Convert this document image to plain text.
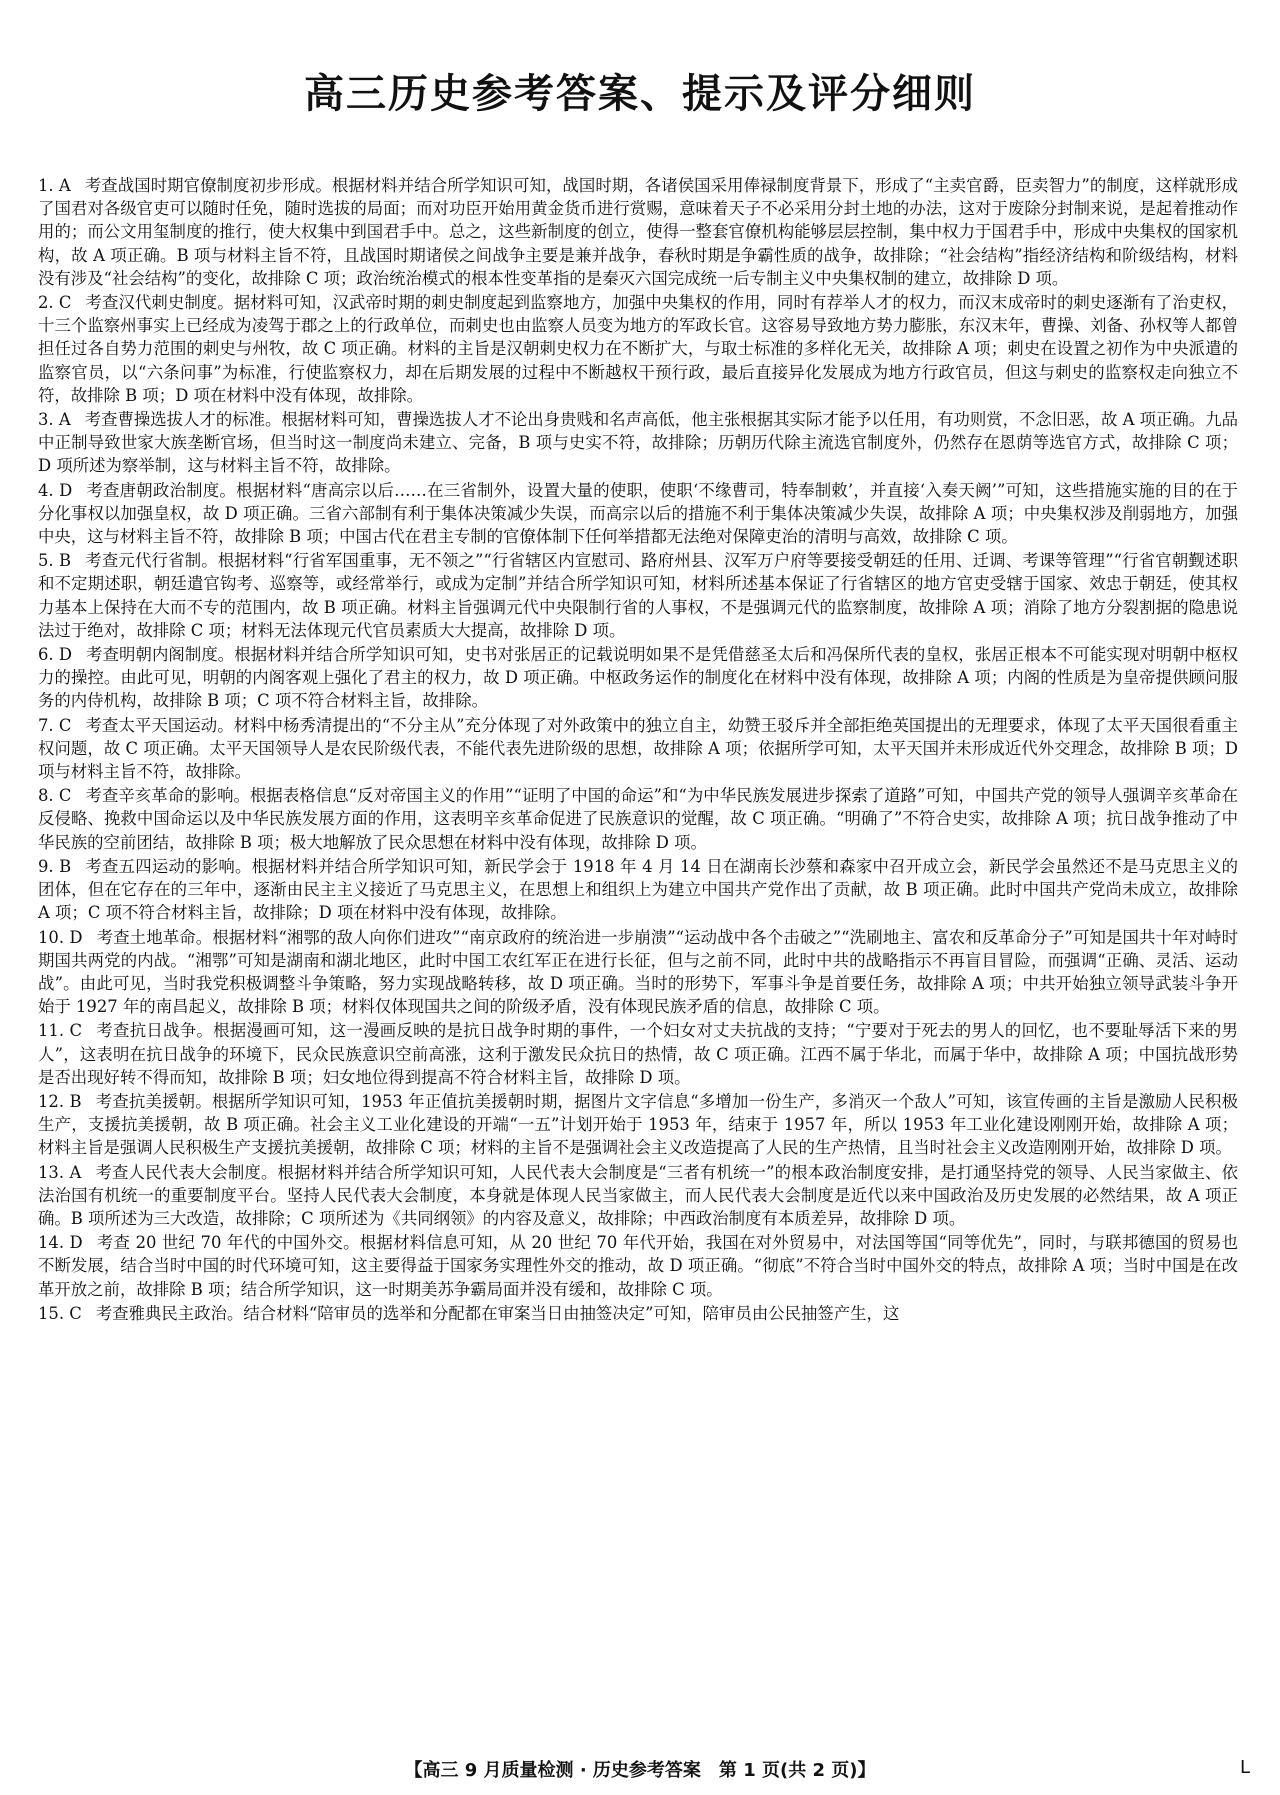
高三历史参考答案、提示及评分细则

1. A 考查战国时期官僚制度初步形成。根据材料并结合所学知识可知，战国时期，各诸侯国采用俸禄制度背景下，形成了“主卖官爵，臣卖智力”的制度，这样就形成了国君对各级官吏可以随时任免，随时选拔的局面；而对功臣开始用黄金货币进行赏赐，意味着天子不必采用分封土地的办法，这对于废除分封制来说，是起着推动作用的；而公文用玺制度的推行，使大权集中到国君手中。总之，这些新制度的创立，使得一整套官僚机构能够层层控制，集中权力于国君手中，形成中央集权的国家机构，故 A 项正确。B 项与材料主旨不符，且战国时期诸侯之间战争主要是兼并战争，春秋时期是争霸性质的战争，故排除；“社会结构”指经济结构和阶级结构，材料没有涉及“社会结构”的变化，故排除 C 项；政治统治模式的根本性变革指的是秦灭六国完成统一后专制主义中央集权制的建立，故排除 D 项。

2. C 考查汉代刺史制度。据材料可知，汉武帝时期的刺史制度起到监察地方，加强中央集权的作用，同时有荐举人才的权力，而汉末成帝时的刺史逐渐有了治吏权，十三个监察州事实上已经成为凌驾于郡之上的行政单位，而刺史也由监察人员变为地方的军政长官。这容易导致地方势力膨胀，东汉末年，曹操、刘备、孙权等人都曾担任过各自势力范围的刺史与州牧，故 C 项正确。材料的主旨是汉朝刺史权力在不断扩大，与取士标准的多样化无关，故排除 A 项；刺史在设置之初作为中央派遣的监察官员，以“六条问事”为标准，行使监察权力，却在后期发展的过程中不断越权干预行政，最后直接异化发展成为地方行政官员，但这与刺史的监察权走向独立不符，故排除 B 项；D 项在材料中没有体现，故排除。

3. A 考查曹操选拔人才的标准。根据材料可知，曹操选拔人才不论出身贵贱和名声高低，他主张根据其实际才能予以任用，有功则赏，不念旧恶，故 A 项正确。九品中正制导致世家大族垄断官场，但当时这一制度尚未建立、完备，B 项与史实不符，故排除；历朝历代除主流选官制度外，仍然存在恩荫等选官方式，故排除 C 项；D 项所述为察举制，这与材料主旨不符，故排除。

4. D 考查唐朝政治制度。根据材料“唐高宗以后……在三省制外，设置大量的使职，使职‘不缘曹司，特奉制敕’，并直接‘入奏天阙’”可知，这些措施实施的目的在于分化事权以加强皇权，故 D 项正确。三省六部制有利于集体决策减少失误，而高宗以后的措施不利于集体决策减少失误，故排除 A 项；中央集权涉及削弱地方，加强中央，这与材料主旨不符，故排除 B 项；中国古代在君主专制的官僚体制下任何举措都无法绝对保障吏治的清明与高效，故排除 C 项。

5. B 考查元代行省制。根据材料“行省军国重事，无不领之”“行省辖区内宣慰司、路府州县、汉军万户府等要接受朝廷的任用、迁调、考课等管理”“行省官朝觐述职和不定期述职，朝廷遣官钩考、巡察等，或经常举行，或成为定制”并结合所学知识可知，材料所述基本保证了行省辖区的地方官吏受辖于国家、效忠于朝廷，使其权力基本上保持在大而不专的范围内，故 B 项正确。材料主旨强调元代中央限制行省的人事权，不是强调元代的监察制度，故排除 A 项；消除了地方分裂割据的隐患说法过于绝对，故排除 C 项；材料无法体现元代官员素质大大提高，故排除 D 项。

6. D 考查明朝内阁制度。根据材料并结合所学知识可知，史书对张居正的记载说明如果不是凭借慈圣太后和冯保所代表的皇权，张居正根本不可能实现对明朝中枢权力的操控。由此可见，明朝的内阁客观上强化了君主的权力，故 D 项正确。中枢政务运作的制度化在材料中没有体现，故排除 A 项；内阁的性质是为皇帝提供顾问服务的内侍机构，故排除 B 项；C 项不符合材料主旨，故排除。

7. C 考查太平天国运动。材料中杨秀清提出的“不分主从”充分体现了对外政策中的独立自主，幼赞王驳斥并全部拒绝英国提出的无理要求，体现了太平天国很看重主权问题，故 C 项正确。太平天国领导人是农民阶级代表，不能代表先进阶级的思想，故排除 A 项；依据所学可知，太平天国并未形成近代外交理念，故排除 B 项；D 项与材料主旨不符，故排除。

8. C 考查辛亥革命的影响。根据表格信息“反对帝国主义的作用”“证明了中国的命运”和“为中华民族发展进步探索了道路”可知，中国共产党的领导人强调辛亥革命在反侵略、挽救中国命运以及中华民族发展方面的作用，这表明辛亥革命促进了民族意识的觉醒，故 C 项正确。“明确了”不符合史实，故排除 A 项；抗日战争推动了中华民族的空前团结，故排除 B 项；极大地解放了民众思想在材料中没有体现，故排除 D 项。

9. B 考查五四运动的影响。根据材料并结合所学知识可知，新民学会于 1918 年 4 月 14 日在湖南长沙蔡和森家中召开成立会，新民学会虽然还不是马克思主义的团体，但在它存在的三年中，逐渐由民主主义接近了马克思主义，在思想上和组织上为建立中国共产党作出了贡献，故 B 项正确。此时中国共产党尚未成立，故排除 A 项；C 项不符合材料主旨，故排除；D 项在材料中没有体现，故排除。

10. D 考查土地革命。根据材料“湘鄂的敌人向你们进攻”“南京政府的统治进一步崩溃”“运动战中各个击破之”“洗刷地主、富农和反革命分子”可知是国共十年对峙时期国共两党的内战。“湘鄂”可知是湖南和湖北地区，此时中国工农红军正在进行长征，但与之前不同，此时中共的战略指示不再盲目冒险，而强调“正确、灵活、运动战”。由此可见，当时我党积极调整斗争策略，努力实现战略转移，故 D 项正确。当时的形势下，军事斗争是首要任务，故排除 A 项；中共开始独立领导武装斗争开始于 1927 年的南昌起义，故排除 B 项；材料仅体现国共之间的阶级矛盾，没有体现民族矛盾的信息，故排除 C 项。

11. C 考查抗日战争。根据漫画可知，这一漫画反映的是抗日战争时期的事件，一个妇女对丈夫抗战的支持；“宁要对于死去的男人的回忆，也不要耻辱活下来的男人”，这表明在抗日战争的环境下，民众民族意识空前高涨，这利于激发民众抗日的热情，故 C 项正确。江西不属于华北，而属于华中，故排除 A 项；中国抗战形势是否出现好转不得而知，故排除 B 项；妇女地位得到提高不符合材料主旨，故排除 D 项。

12. B 考查抗美援朝。根据所学知识可知，1953 年正值抗美援朝时期，据图片文字信息“多增加一份生产，多消灭一个敌人”可知，该宣传画的主旨是激励人民积极生产，支援抗美援朝，故 B 项正确。社会主义工业化建设的开端“一五”计划开始于 1953 年，结束于 1957 年，所以 1953 年工业化建设刚刚开始，故排除 A 项；材料主旨是强调人民积极生产支援抗美援朝，故排除 C 项；材料的主旨不是强调社会主义改造提高了人民的生产热情，且当时社会主义改造刚刚开始，故排除 D 项。

13. A 考查人民代表大会制度。根据材料并结合所学知识可知，人民代表大会制度是“三者有机统一”的根本政治制度安排，是打通坚持党的领导、人民当家做主、依法治国有机统一的重要制度平台。坚持人民代表大会制度，本身就是体现人民当家做主，而人民代表大会制度是近代以来中国政治及历史发展的必然结果，故 A 项正确。B 项所述为三大改造，故排除；C 项所述为《共同纲领》的内容及意义，故排除；中西政治制度有本质差异，故排除 D 项。

14. D 考查 20 世纪 70 年代的中国外交。根据材料信息可知，从 20 世纪 70 年代开始，我国在对外贸易中，对法国等国“同等优先”，同时，与联邦德国的贸易也不断发展，结合当时中国的时代环境可知，这主要得益于国家务实理性外交的推动，故 D 项正确。“彻底”不符合当时中国外交的特点，故排除 A 项；当时中国是在改革开放之前，故排除 B 项；结合所学知识，这一时期美苏争霸局面并没有缓和，故排除 C 项。

15. C 考查雅典民主政治。结合材料“陪审员的选举和分配都在审案当日由抽签决定”可知，陪审员由公民抽签产生，这

【高三 9 月质量检测 · 历史参考答案　第 1 页(共 2 页)】	L
